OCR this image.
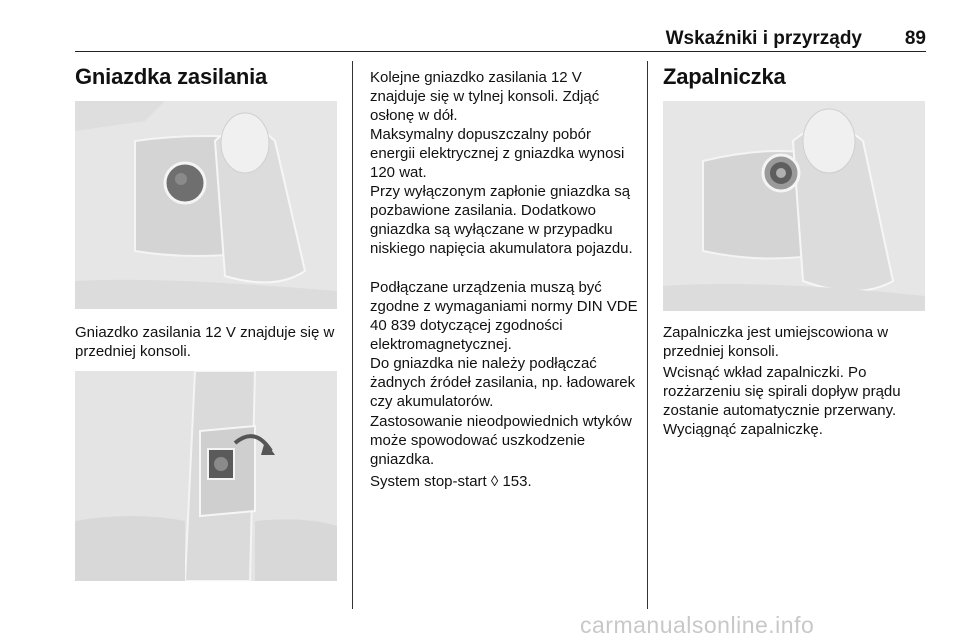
Wskaźniki i przyrządy	89
Gniazdka zasilania

Gniazdko zasilania 12 V znajduje się w przedniej konsoli.

Kolejne gniazdko zasilania 12 V znajduje się w tylnej konsoli. Zdjąć osłonę w dół.

Maksymalny dopuszczalny pobór energii elektrycznej z gniazdka wynosi 120 wat.

Przy wyłączonym zapłonie gniazdka są pozbawione zasilania. Dodatkowo gniazdka są wyłączane w przypadku niskiego napięcia akumulatora pojazdu.

Podłączane urządzenia muszą być zgodne z wymaganiami normy DIN VDE 40 839 dotyczącej zgodności elektromagnetycznej.

Do gniazdka nie należy podłączać żadnych źródeł zasilania, np. ładowarek czy akumulatorów.

Zastosowanie nieodpowiednich wtyków może spowodować uszkodzenie gniazdka.

System stop-start ◊ 153.

Zapalniczka

Zapalniczka jest umiejscowiona w przedniej konsoli.

Wcisnąć wkład zapalniczki. Po rozżarzeniu się spirali dopływ prądu zostanie automatycznie przerwany. Wyciągnąć zapalniczkę.

carmanualsonline.info
